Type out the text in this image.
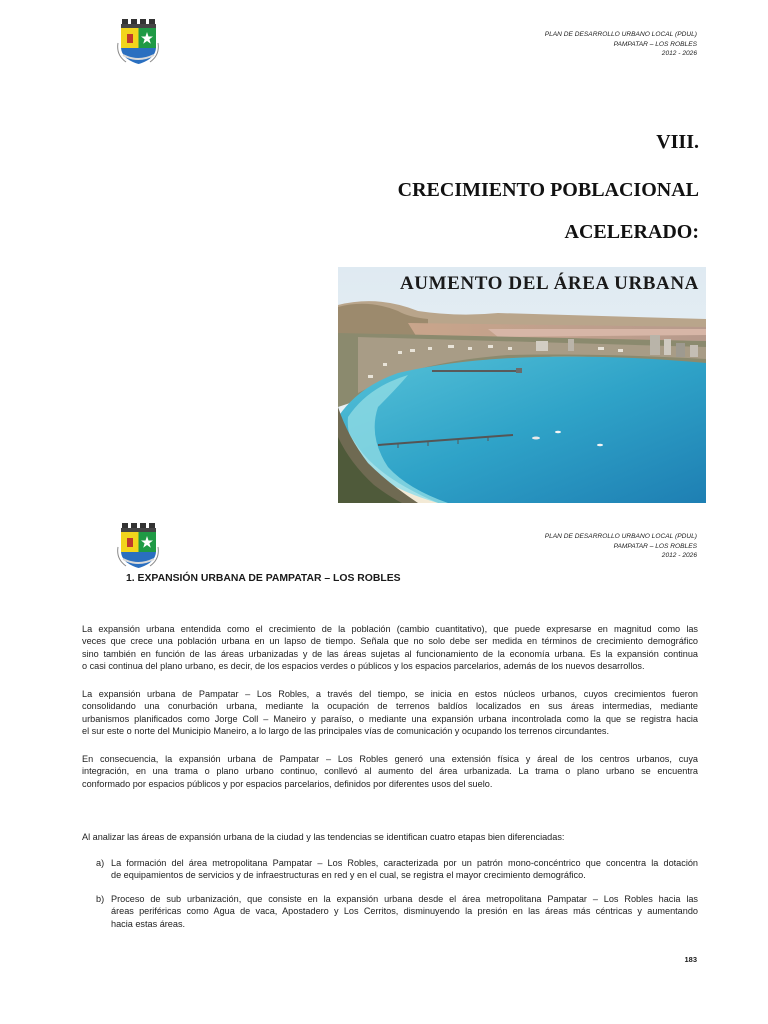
PLAN DE DESARROLLO URBANO LOCAL (PDUL)
PAMPATAR – LOS ROBLES
2012 - 2026
VIII.
CRECIMIENTO POBLACIONAL
ACELERADO:
AUMENTO DEL ÁREA URBANA
PLAN DE DESARROLLO URBANO LOCAL (PDUL)
PAMPATAR – LOS ROBLES
2012 - 2026
1. EXPANSIÓN URBANA DE PAMPATAR – LOS ROBLES
La expansión urbana entendida como el crecimiento de la población (cambio cuantitativo), que puede expresarse en magnitud como las
veces que crece una población urbana en un lapso de tiempo. Señala que no solo debe ser medida en términos de crecimiento demográfico
sino también en función de las áreas urbanizadas y de las áreas sujetas al funcionamiento de la economía urbana. Es la expansión continua
o casi continua del plano urbano, es decir, de los espacios verdes o públicos y los espacios parcelarios, además de los nuevos desarrollos.
La expansión urbana de Pampatar – Los Robles, a través del tiempo, se inicia en estos núcleos urbanos, cuyos crecimientos fueron
consolidando una conurbación urbana, mediante la ocupación de terrenos baldíos localizados en sus áreas intermedias, mediante
urbanismos planificados como Jorge Coll – Maneiro y paraíso, o mediante una expansión urbana incontrolada como la que se registra hacia
el sur este o norte del Municipio Maneiro, a lo largo de las principales vías de comunicación y ocupando los terrenos circundantes.
En consecuencia, la expansión urbana de Pampatar – Los Robles generó una extensión física y áreal de los centros urbanos, cuya
integración, en una trama o plano urbano continuo, conllevó al aumento del área urbanizada. La trama o plano urbano se encuentra
conformado por espacios públicos y por espacios parcelarios, definidos por diferentes usos del suelo.
Al analizar las áreas de expansión urbana de la ciudad y las tendencias se identifican cuatro etapas bien diferenciadas:
a) La formación del área metropolitana Pampatar – Los Robles, caracterizada por un patrón mono-concéntrico que concentra la dotación
de equipamientos de servicios y de infraestructuras en red y en el cual, se registra el mayor crecimiento demográfico.
b) Proceso de sub urbanización, que consiste en la expansión urbana desde el área metropolitana Pampatar – Los Robles hacia las
áreas periféricas como Agua de vaca, Apostadero y Los Cerritos, disminuyendo la presión en las áreas más céntricas y aumentando
hacia estas áreas.
183
